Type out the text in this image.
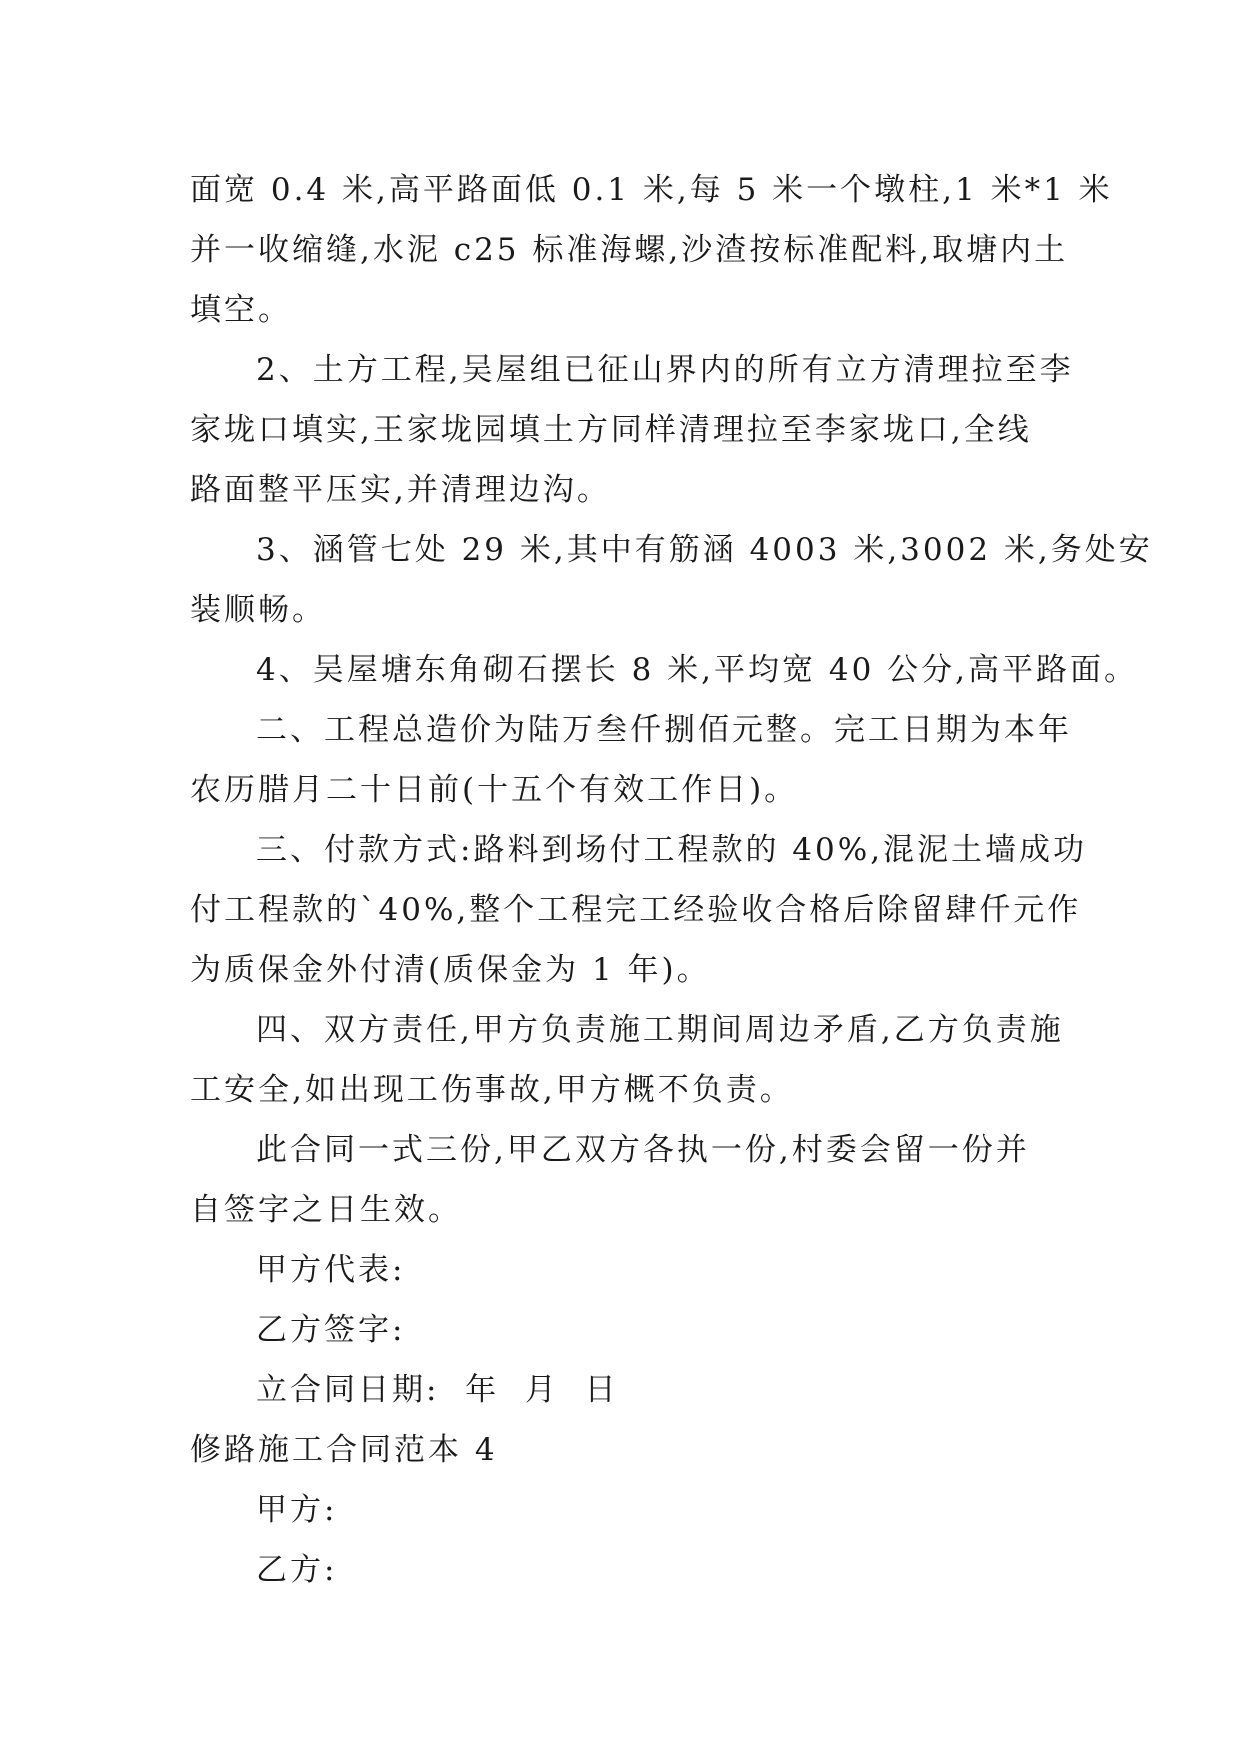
面宽 0.4 米,高平路面低 0.1 米,每 5 米一个墩柱,1 米*1 米
并一收缩缝,水泥 c25 标准海螺,沙渣按标准配料,取塘内土
填空。
2、土方工程,吴屋组已征山界内的所有立方清理拉至李
家垅口填实,王家垅园填土方同样清理拉至李家垅口,全线
路面整平压实,并清理边沟。
3、涵管七处 29 米,其中有筋涵 4003 米,3002 米,务处安
装顺畅。
4、吴屋塘东角砌石摆长 8 米,平均宽 40 公分,高平路面。
二、工程总造价为陆万叁仟捌佰元整。完工日期为本年
农历腊月二十日前(十五个有效工作日)。
三、付款方式:路料到场付工程款的 40%,混泥土墙成功
付工程款的`40%,整个工程完工经验收合格后除留肆仟元作
为质保金外付清(质保金为 1 年)。
四、双方责任,甲方负责施工期间周边矛盾,乙方负责施
工安全,如出现工伤事故,甲方概不负责。
此合同一式三份,甲乙双方各执一份,村委会留一份并
自签字之日生效。
甲方代表:
乙方签字:
立合同日期:  年  月  日
修路施工合同范本 4
甲方:
乙方:
